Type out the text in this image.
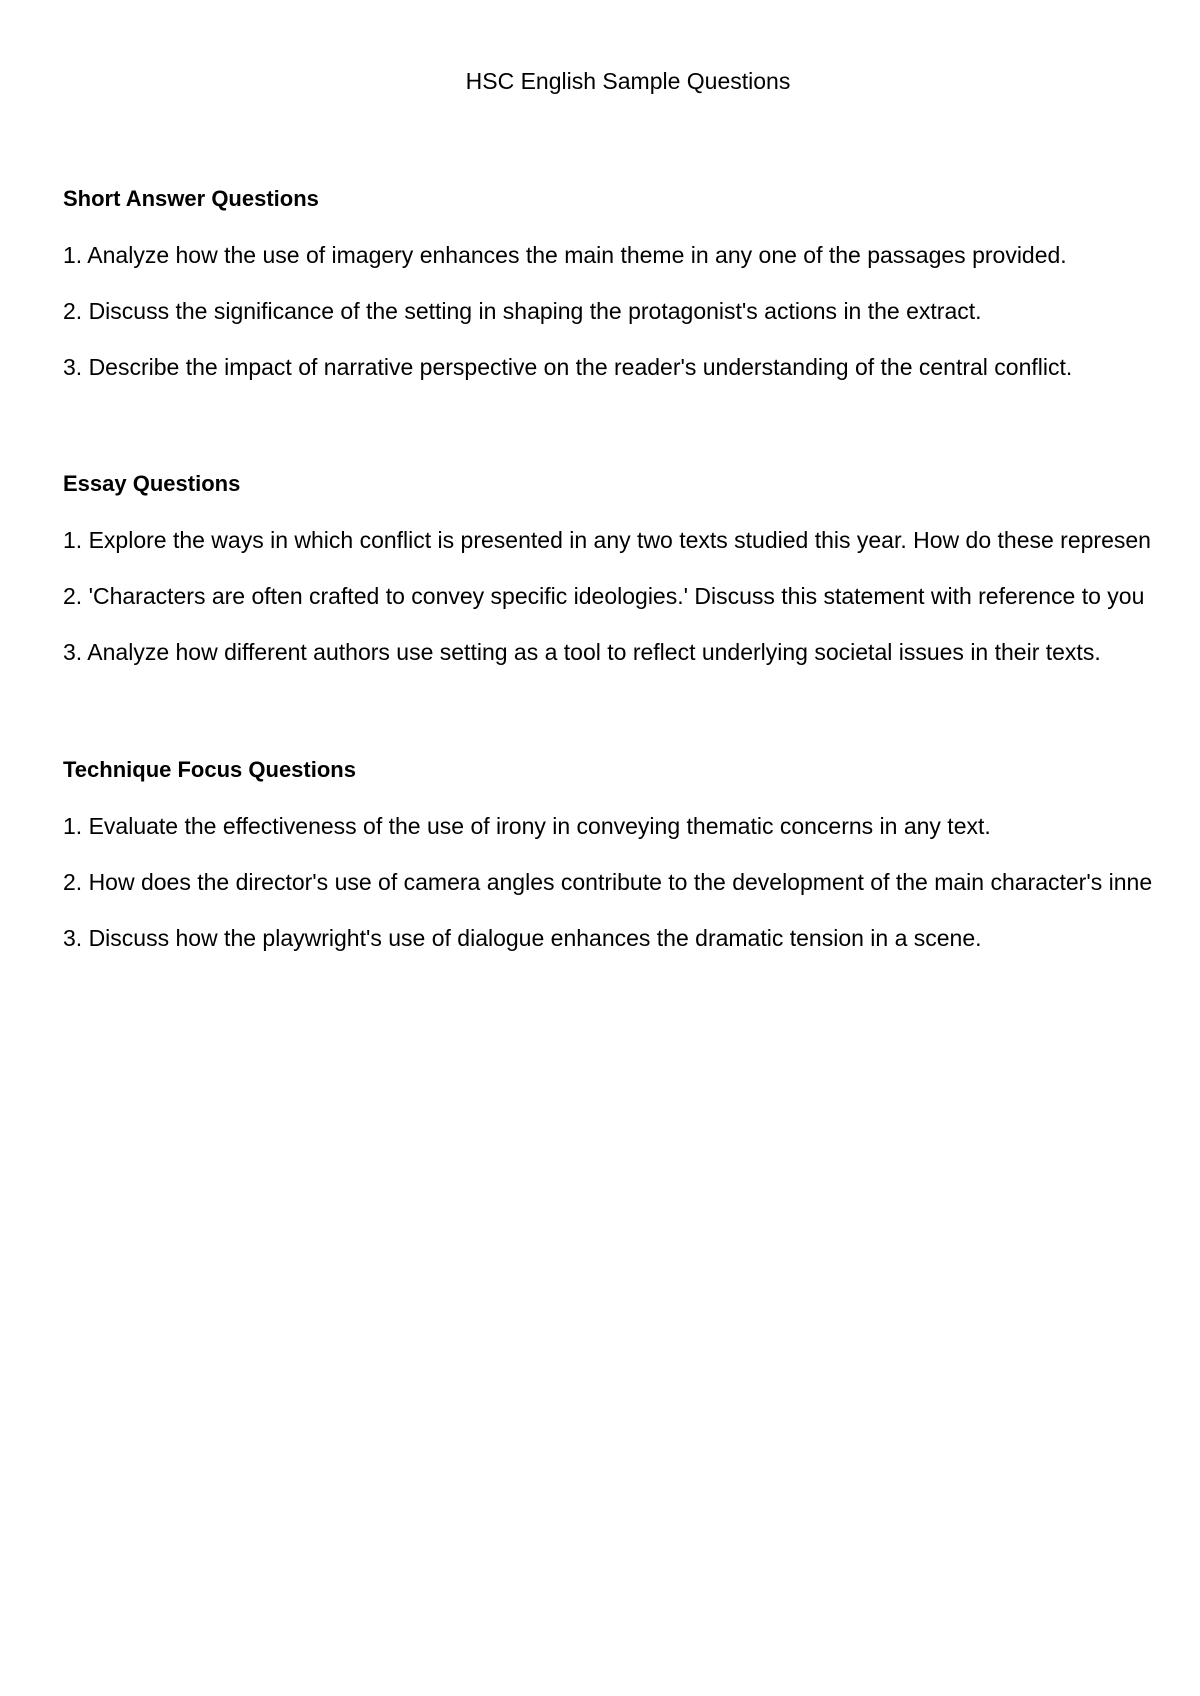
HSC English Sample Questions
Short Answer Questions
1. Analyze how the use of imagery enhances the main theme in any one of the passages provided.
2. Discuss the significance of the setting in shaping the protagonist's actions in the extract.
3. Describe the impact of narrative perspective on the reader's understanding of the central conflict.
Essay Questions
1. Explore the ways in which conflict is presented in any two texts studied this year. How do these represen
2. 'Characters are often crafted to convey specific ideologies.' Discuss this statement with reference to you
3. Analyze how different authors use setting as a tool to reflect underlying societal issues in their texts.
Technique Focus Questions
1. Evaluate the effectiveness of the use of irony in conveying thematic concerns in any text.
2. How does the director's use of camera angles contribute to the development of the main character's inne
3. Discuss how the playwright's use of dialogue enhances the dramatic tension in a scene.
